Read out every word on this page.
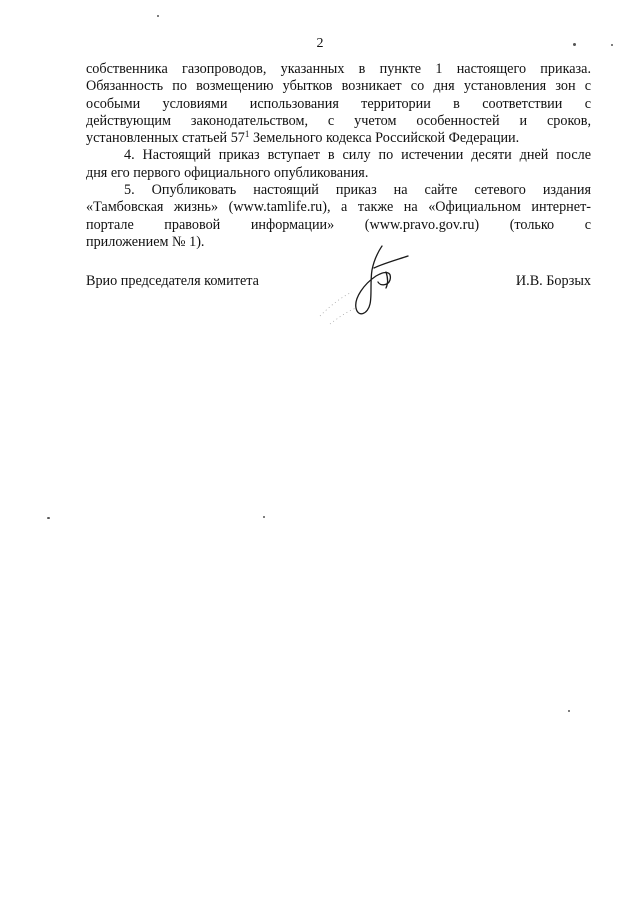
2
собственника газопроводов, указанных в пункте 1 настоящего приказа.
Обязанность по возмещению убытков возникает со дня установления зон с
особыми условиями использования территории в соответствии с
действующим законодательством, с учетом особенностей и сроков,
установленных статьей $57^1$ Земельного кодекса Российской Федерации.
4. Настоящий приказ вступает в силу по истечении десяти дней после
дня его первого официального опубликования.
5. Опубликовать настоящий приказ на сайте сетевого издания
«Тамбовская жизнь» (www.tamlife.ru), а также на «Официальном интернет-
портале правовой информации» (www.pravo.gov.ru) (только с
приложением № 1).
Врио председателя комитета	И.В. Борзых
